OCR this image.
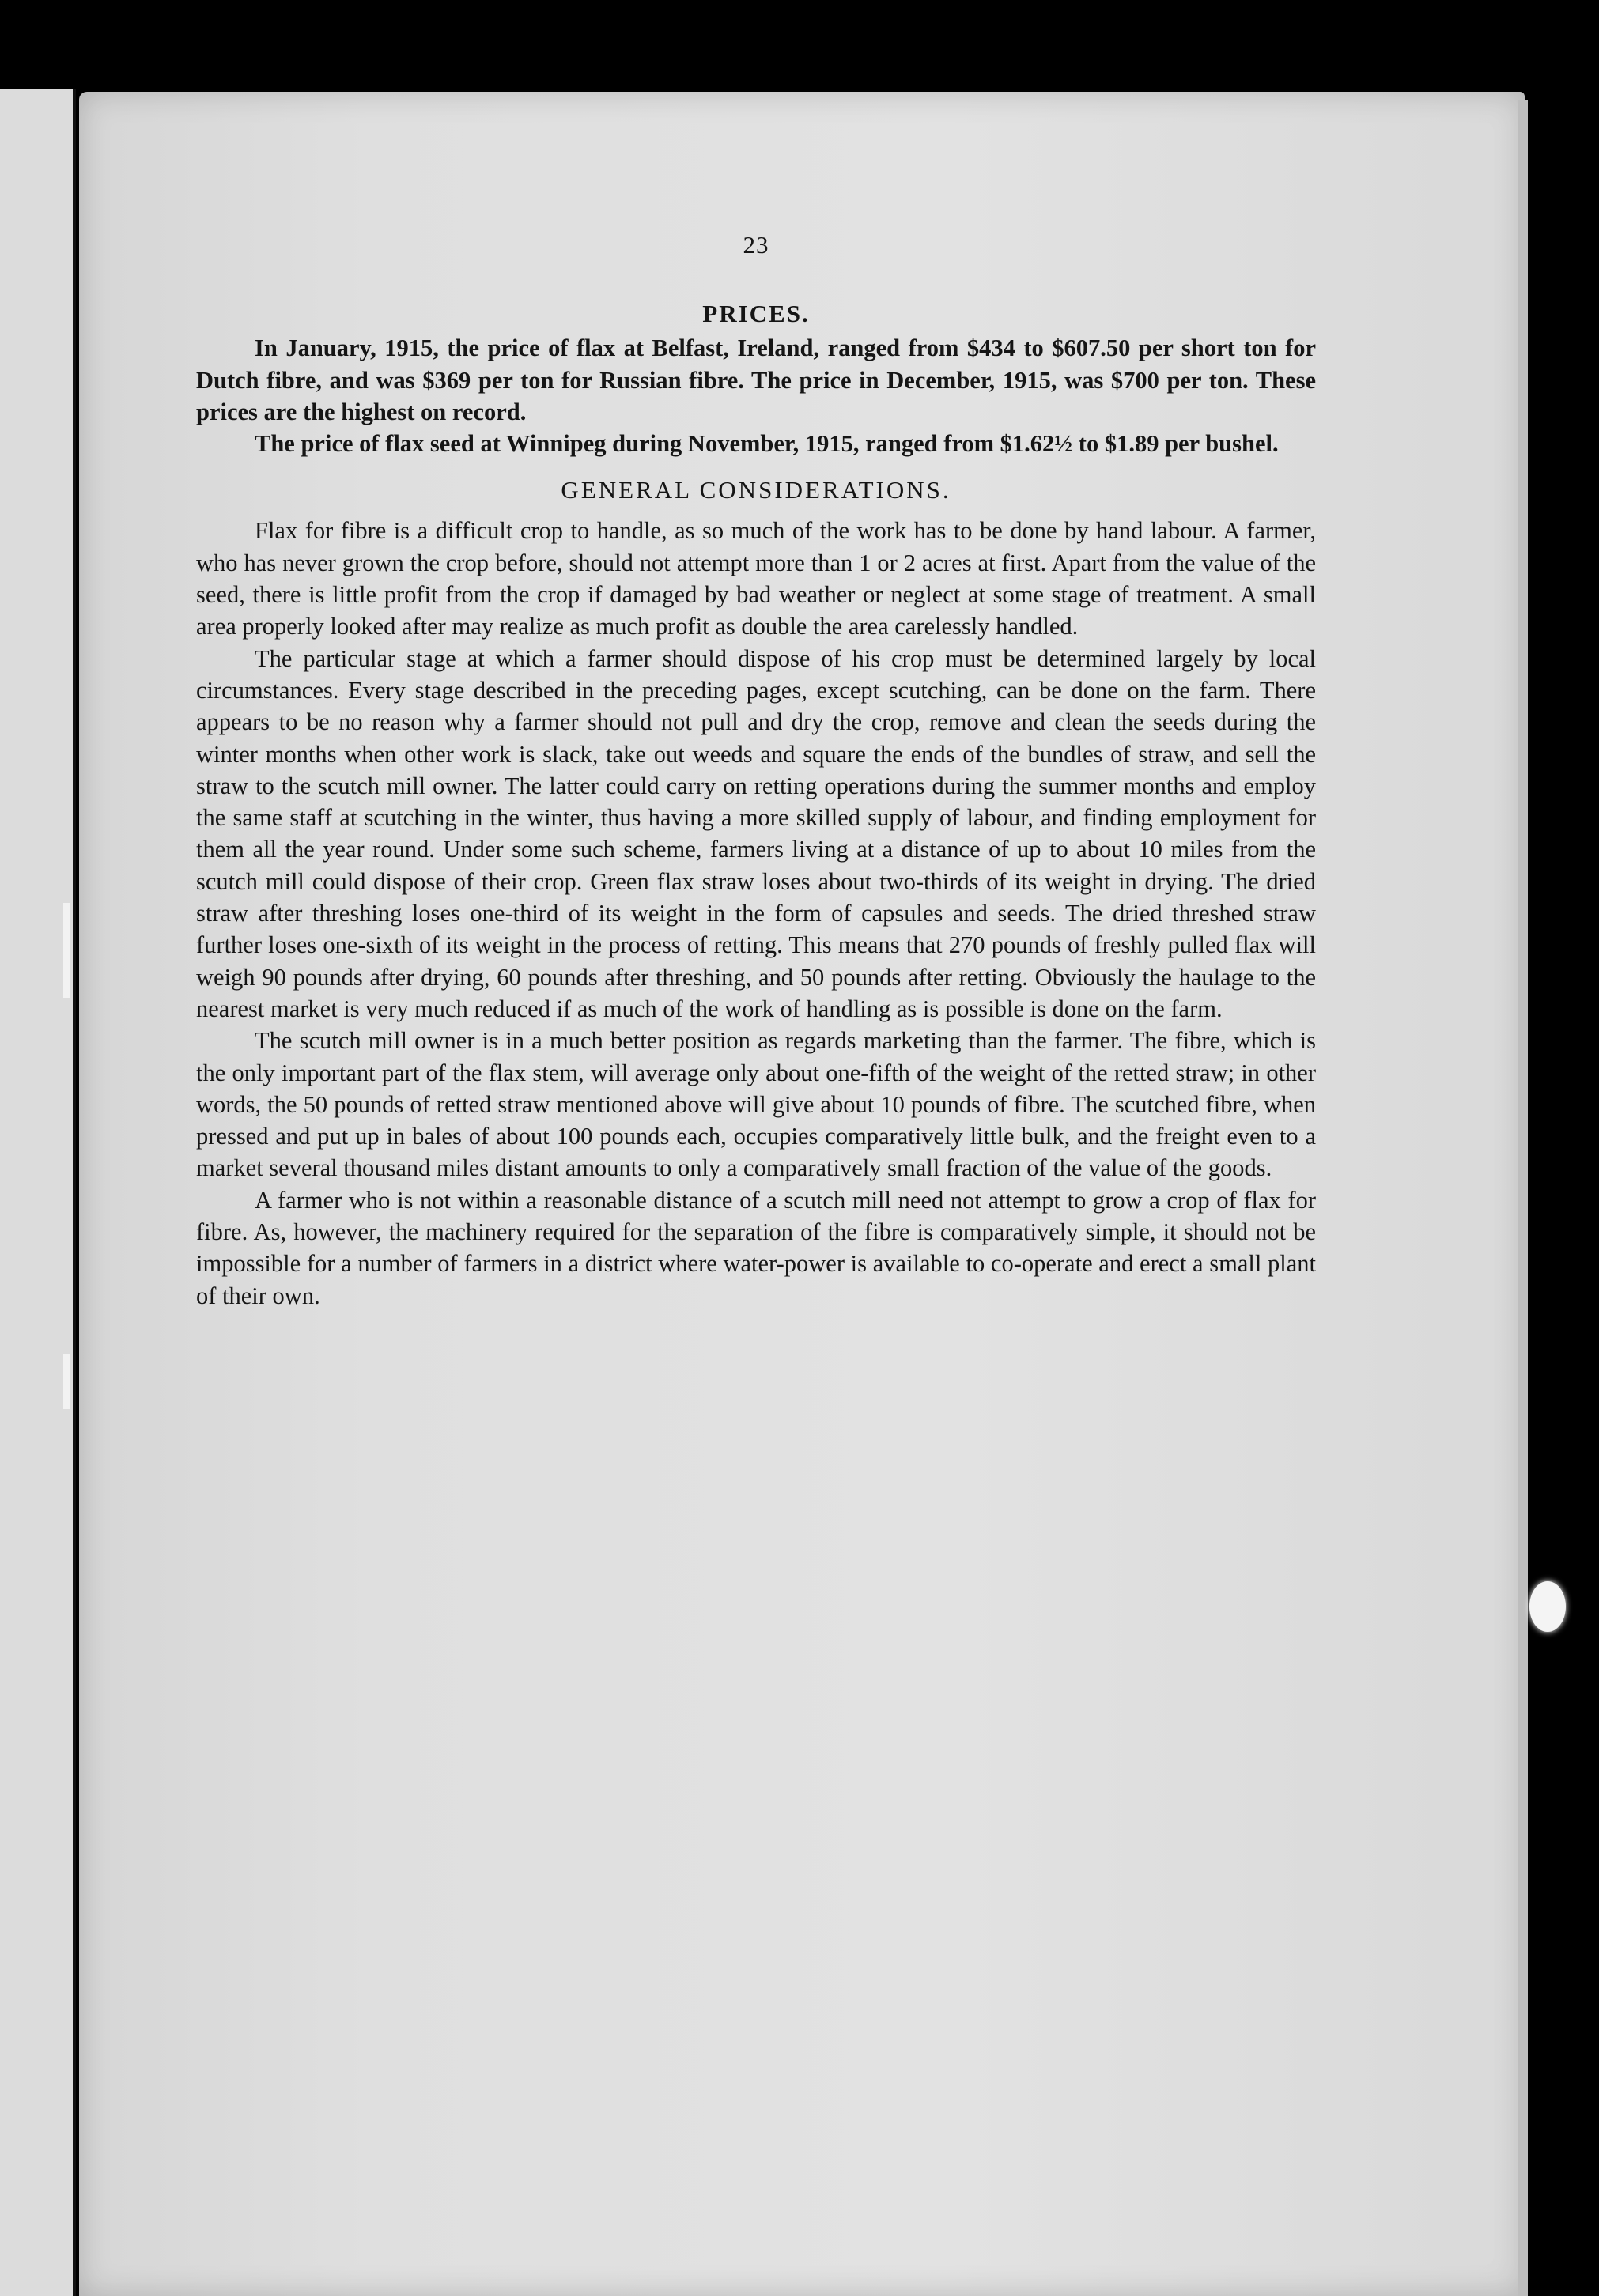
23
PRICES.

In January, 1915, the price of flax at Belfast, Ireland, ranged from $434 to $607.50 per short ton for Dutch fibre, and was $369 per ton for Russian fibre. The price in December, 1915, was $700 per ton. These prices are the highest on record.

The price of flax seed at Winnipeg during November, 1915, ranged from $1.62½ to $1.89 per bushel.

GENERAL CONSIDERATIONS.

Flax for fibre is a difficult crop to handle, as so much of the work has to be done by hand labour. A farmer, who has never grown the crop before, should not attempt more than 1 or 2 acres at first. Apart from the value of the seed, there is little profit from the crop if damaged by bad weather or neglect at some stage of treatment. A small area properly looked after may realize as much profit as double the area carelessly handled.

The particular stage at which a farmer should dispose of his crop must be determined largely by local circumstances. Every stage described in the preceding pages, except scutching, can be done on the farm. There appears to be no reason why a farmer should not pull and dry the crop, remove and clean the seeds during the winter months when other work is slack, take out weeds and square the ends of the bundles of straw, and sell the straw to the scutch mill owner. The latter could carry on retting operations during the summer months and employ the same staff at scutching in the winter, thus having a more skilled supply of labour, and finding employment for them all the year round. Under some such scheme, farmers living at a distance of up to about 10 miles from the scutch mill could dispose of their crop. Green flax straw loses about two-thirds of its weight in drying. The dried straw after threshing loses one-third of its weight in the form of capsules and seeds. The dried threshed straw further loses one-sixth of its weight in the process of retting. This means that 270 pounds of freshly pulled flax will weigh 90 pounds after drying, 60 pounds after threshing, and 50 pounds after retting. Obviously the haulage to the nearest market is very much reduced if as much of the work of handling as is possible is done on the farm.

The scutch mill owner is in a much better position as regards marketing than the farmer. The fibre, which is the only important part of the flax stem, will average only about one-fifth of the weight of the retted straw; in other words, the 50 pounds of retted straw mentioned above will give about 10 pounds of fibre. The scutched fibre, when pressed and put up in bales of about 100 pounds each, occupies comparatively little bulk, and the freight even to a market several thousand miles distant amounts to only a comparatively small fraction of the value of the goods.

A farmer who is not within a reasonable distance of a scutch mill need not attempt to grow a crop of flax for fibre. As, however, the machinery required for the separation of the fibre is comparatively simple, it should not be impossible for a number of farmers in a district where water-power is available to co-operate and erect a small plant of their own.
